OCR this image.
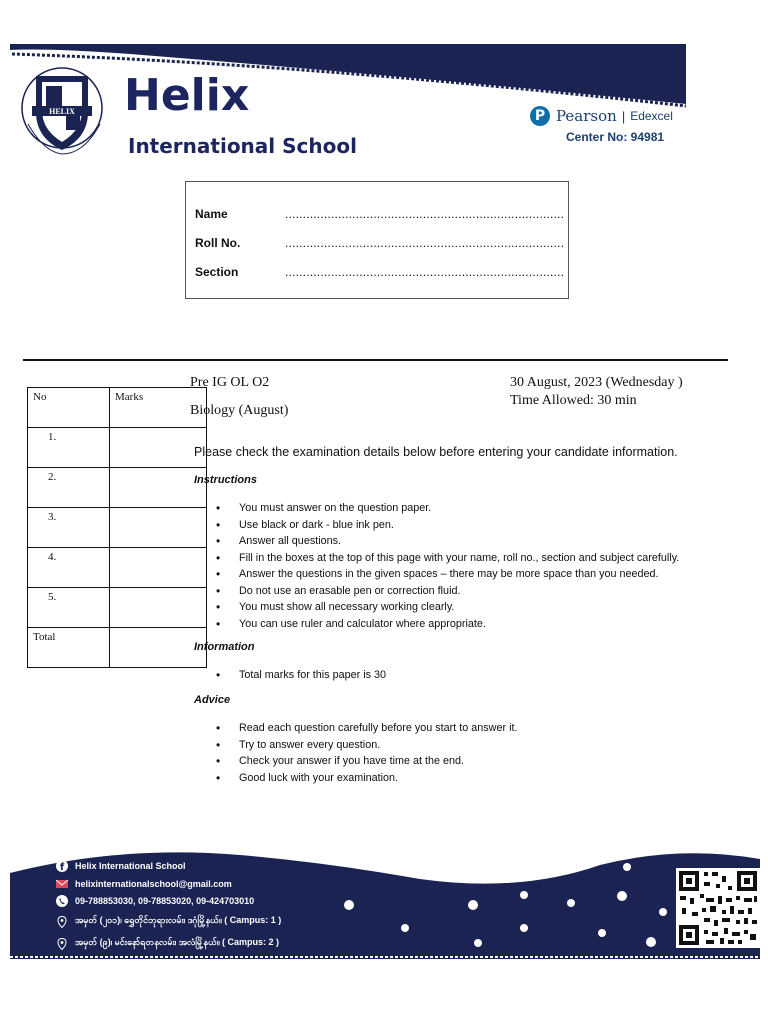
HELIX Helix
International School
P Pearson | Edexcel
Center No: 94981
Name	...............................................................................
Roll No.	...............................................................................
Section	...............................................................................
No	Marks
1.	
2.	
3.	
4.	
5.	
Total	
Pre IG OL O2
Biology (August)
30 August, 2023 (Wednesday )
Time Allowed: 30 min
Please check the examination details below before entering your candidate information.
Instructions
• You must answer on the question paper.
• Use black or dark - blue ink pen.
• Answer all questions.
• Fill in the boxes at the top of this page with your name, roll no., section and subject carefully.
• Answer the questions in the given spaces – there may be more space than you needed.
• Do not use an erasable pen or correction fluid.
• You must show all necessary working clearly.
• You can use ruler and calculator where appropriate.
Information
• Total marks for this paper is 30
Advice
• Read each question carefully before you start to answer it.
• Try to answer every question.
• Check your answer if you have time at the end.
• Good luck with your examination.
f Helix International School
helixinternationalschool@gmail.com
09-788853030, 09-78853020, 09-424703010
အမှတ် (၂၀၁)၊ ရွှေတိုင်ဘုရားလမ်း၊ ဒဂုံမြို့နယ်။ ( Campus: 1 )
အမှတ် (၉)၊ မင်းနော်ရတနလမ်း၊ အလံမြို့နယ်။ ( Campus: 2 )
